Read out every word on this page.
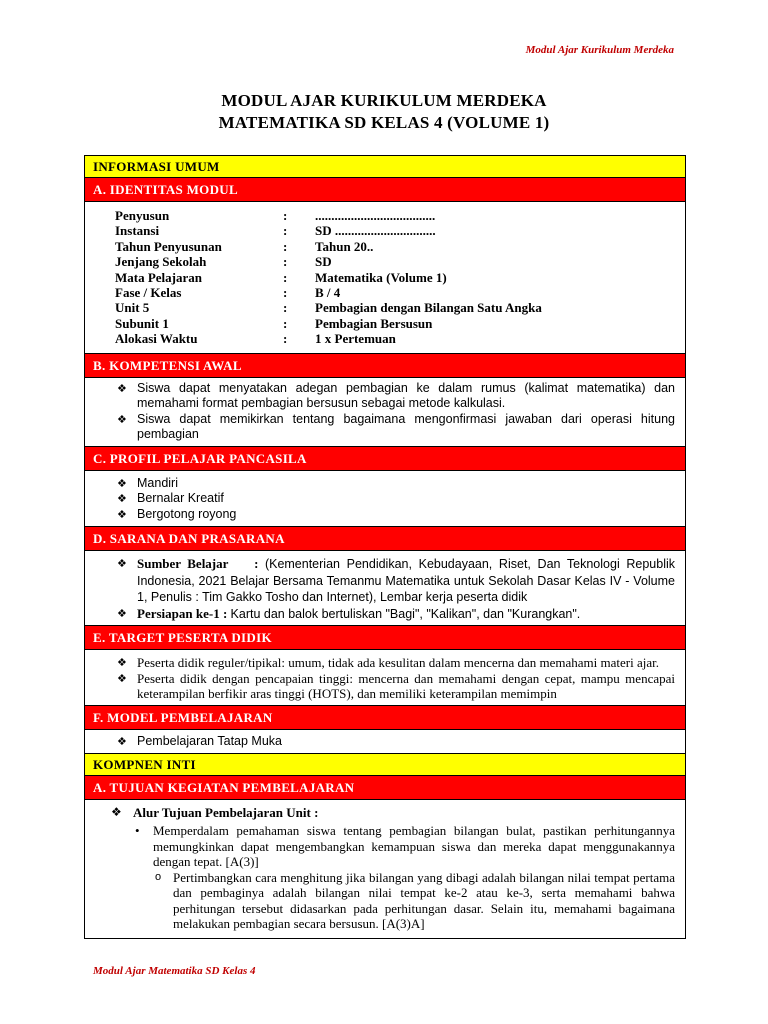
Modul Ajar Kurikulum Merdeka
MODUL AJAR KURIKULUM MERDEKA
MATEMATIKA SD KELAS 4 (VOLUME 1)
INFORMASI UMUM
A. IDENTITAS MODUL
Penyusun	:	.....................................
Instansi	:	SD ...............................
Tahun Penyusunan	:	Tahun 20..
Jenjang Sekolah	:	SD
Mata Pelajaran	:	Matematika (Volume 1)
Fase / Kelas	:	B / 4
Unit 5	:	Pembagian dengan Bilangan Satu Angka
Subunit 1	:	Pembagian Bersusun
Alokasi Waktu	:	1 x Pertemuan
B. KOMPETENSI AWAL
❖ Siswa dapat menyatakan adegan pembagian ke dalam rumus (kalimat matematika) dan memahami format pembagian bersusun sebagai metode kalkulasi.
❖ Siswa dapat memikirkan tentang bagaimana mengonfirmasi jawaban dari operasi hitung pembagian
C. PROFIL PELAJAR PANCASILA
❖ Mandiri
❖ Bernalar Kreatif
❖ Bergotong royong
D. SARANA DAN PRASARANA
❖ Sumber Belajar : (Kementerian Pendidikan, Kebudayaan, Riset, Dan Teknologi Republik Indonesia, 2021 Belajar Bersama Temanmu Matematika untuk Sekolah Dasar Kelas IV - Volume 1, Penulis : Tim Gakko Tosho dan Internet), Lembar kerja peserta didik
❖ Persiapan ke-1 : Kartu dan balok bertuliskan "Bagi", "Kalikan", dan "Kurangkan".
E. TARGET PESERTA DIDIK
❖ Peserta didik reguler/tipikal: umum, tidak ada kesulitan dalam mencerna dan memahami materi ajar.
❖ Peserta didik dengan pencapaian tinggi: mencerna dan memahami dengan cepat, mampu mencapai keterampilan berfikir aras tinggi (HOTS), dan memiliki keterampilan memimpin
F. MODEL PEMBELAJARAN
❖ Pembelajaran Tatap Muka
KOMPNEN INTI
A. TUJUAN KEGIATAN PEMBELAJARAN
❖ Alur Tujuan Pembelajaran Unit :
• Memperdalam pemahaman siswa tentang pembagian bilangan bulat, pastikan perhitungannya memungkinkan dapat mengembangkan kemampuan siswa dan mereka dapat menggunakannya dengan tepat. [A(3)]
o Pertimbangkan cara menghitung jika bilangan yang dibagi adalah bilangan nilai tempat pertama dan pembaginya adalah bilangan nilai tempat ke-2 atau ke-3, serta memahami bahwa perhitungan tersebut didasarkan pada perhitungan dasar. Selain itu, memahami bagaimana melakukan pembagian secara bersusun. [A(3)A]
Modul Ajar Matematika SD Kelas 4
